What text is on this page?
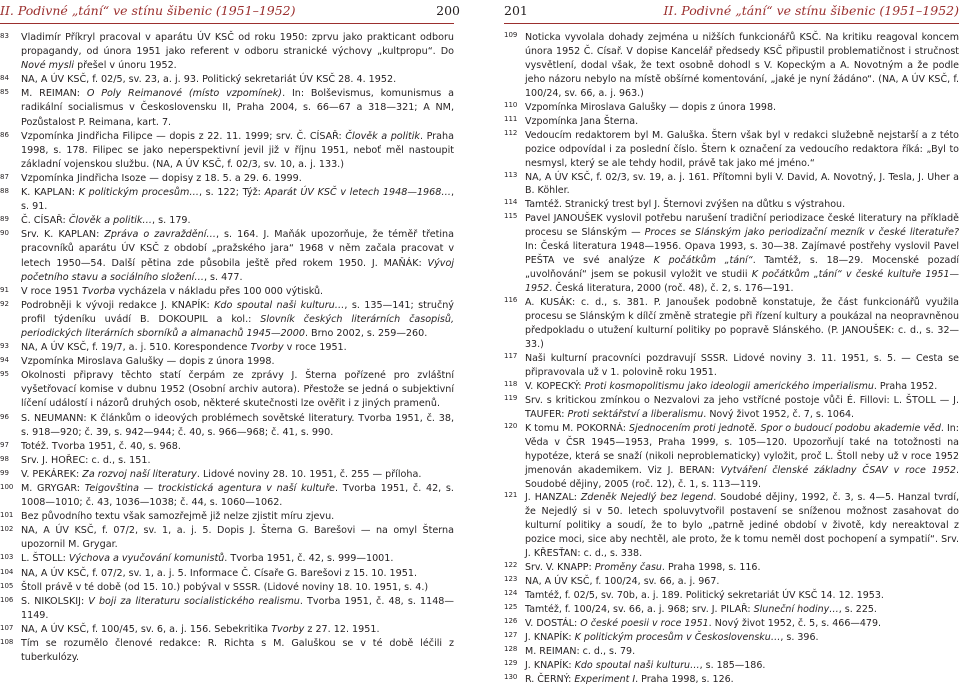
II. Podivné „tání“ ve stínu šibenic (1951–1952)	200

83 Vladimír Příkryl pracoval v aparátu ÚV KSČ od roku 1950: zprvu jako prakticant odboru propagandy, od února 1951 jako referent v odboru stranické výchovy „kultpropu“. Do Nové mysli přešel v únoru 1952.

84 NA, A ÚV KSČ, f. 02/5, sv. 23, a. j. 93. Politický sekretariát ÚV KSČ 28. 4. 1952.

85 M. REIMAN: O Poly Reimanové (místo vzpomínek). In: Bolševismus, komunismus a radikální socialismus v Československu II, Praha 2004, s. 66—67 a 318—321; A NM, Pozůstalost P. Reimana, kart. 7.

86 Vzpomínka Jindřicha Filipce — dopis z 22. 11. 1999; srv. Č. CÍSAŘ: Člověk a politik. Praha 1998, s. 178. Filipec se jako neperspektivní jevil již v říjnu 1951, neboť měl nastoupit základní vojenskou službu. (NA, A ÚV KSČ, f. 02/3, sv. 10, a. j. 133.)

87 Vzpomínka Jindřicha Isoze — dopisy z 18. 5. a 29. 6. 1999.

88 K. KAPLAN: K politickým procesům…, s. 122; Týž: Aparát ÚV KSČ v letech 1948—1968…, s. 91.

89 Č. CÍSAŘ: Člověk a politik…, s. 179.

90 Srv. K. KAPLAN: Zpráva o zavraždění…, s. 164. J. Maňák upozorňuje, že téměř třetina pracovníků aparátu ÚV KSČ z období „pražského jara“ 1968 v něm začala pracovat v letech 1950—54. Další pětina zde působila ještě před rokem 1950. J. MAŇÁK: Vývoj početního stavu a sociálního složení…, s. 477.

91 V roce 1951 Tvorba vycházela v nákladu přes 100 000 výtisků.

92 Podrobněji k vývoji redakce J. KNAPÍK: Kdo spoutal naši kulturu…, s. 135—141; stručný profil týdeníku uvádí B. DOKOUPIL a kol.: Slovník českých literárních časopisů, periodických literárních sborníků a almanachů 1945—2000. Brno 2002, s. 259—260.

93 NA, A ÚV KSČ, f. 19/7, a. j. 510. Korespondence Tvorby v roce 1951.

94 Vzpomínka Miroslava Galušky — dopis z února 1998.

95 Okolnosti připravy těchto statí čerpám ze zprávy J. Šterna pořízené pro zvláštní vyšetřovací komise v dubnu 1952 (Osobní archiv autora). Přestože se jedná o subjektivní líčení událostí i názorů druhých osob, některé skutečnosti lze ověřit i z jiných pramenů.

96 S. NEUMANN: K článkům o ideových problémech sovětské literatury. Tvorba 1951, č. 38, s. 918—920; č. 39, s. 942—944; č. 40, s. 966—968; č. 41, s. 990.

97 Totéž. Tvorba 1951, č. 40, s. 968.

98 Srv. J. HOŘEC: c. d., s. 151.

99 V. PEKÁREK: Za rozvoj naší literatury. Lidové noviny 28. 10. 1951, č. 255 — příloha.

100 M. GRYGAR: Teigovština — trockistická agentura v naší kultuře. Tvorba 1951, č. 42, s. 1008—1010; č. 43, 1036—1038; č. 44, s. 1060—1062.

101 Bez původního textu však samozřejmě již nelze zjistit míru zjevu.

102 NA, A ÚV KSČ, f. 07/2, sv. 1, a. j. 5. Dopis J. Šterna G. Barešovi — na omyl Šterna upozornil M. Grygar.

103 L. ŠTOLL: Výchova a vyučování komunistů. Tvorba 1951, č. 42, s. 999—1001.

104 NA, A ÚV KSČ, f. 07/2, sv. 1, a. j. 5. Informace Č. Císaře G. Barešovi z 15. 10. 1951.

105 Štoll právě v té době (od 15. 10.) pobýval v SSSR. (Lidové noviny 18. 10. 1951, s. 4.)

106 S. NIKOLSKIJ: V boji za literaturu socialistického realismu. Tvorba 1951, č. 48, s. 1148—1149.

107 NA, A ÚV KSČ, f. 100/45, sv. 6, a. j. 156. Sebekritika Tvorby z 27. 12. 1951.

108 Tím se rozumělo členové redakce: R. Richta s M. Galuškou se v té době léčili z tuberkulózy.

201	II. Podivné „tání“ ve stínu šibenic (1951–1952)

109 Noticka vyvolala dohady zejména u nižších funkcionářů KSČ. Na kritiku reagoval koncem února 1952 Č. Císař. V dopise Kancelář předsedy KSČ připustil problematičnost i stručnost vysvětlení, dodal však, že text osobně dohodl s V. Kopeckým a A. Novotným a že podle jeho názoru nebylo na místě obšírné komentování, „jaké je nyní žádáno“. (NA, A ÚV KSČ, f. 100/24, sv. 66, a. j. 963.)

110 Vzpomínka Miroslava Galušky — dopis z února 1998.

111 Vzpomínka Jana Šterna.

112 Vedoucím redaktorem byl M. Galuška. Štern však byl v redakci služebně nejstarší a z této pozice odpovídal i za poslední číslo. Štern k označení za vedoucího redaktora říká: „Byl to nesmysl, který se ale tehdy hodil, právě tak jako mé jméno.“

113 NA, A ÚV KSČ, f. 02/3, sv. 19, a. j. 161. Přítomni byli V. David, A. Novotný, J. Tesla, J. Uher a B. Köhler.

114 Tamtéž. Stranický trest byl J. Šternovi zvýšen na důtku s výstrahou.

115 Pavel JANOUŠEK vyslovil potřebu narušení tradiční periodizace české literatury na příkladě procesu se Slánským — Proces se Slánským jako periodizační mezník v české literatuře? In: Česká literatura 1948—1956. Opava 1993, s. 30—38. Zajímavé postřehy vyslovil Pavel PEŠTA ve své analýze K počátkům „tání“. Tamtéž, s. 18—29. Mocenské pozadí „uvolňování“ jsem se pokusil vyložit ve studii K počátkům „tání“ v české kultuře 1951—1952. Česká literatura, 2000 (roč. 48), č. 2, s. 176—191.

116 A. KUSÁK: c. d., s. 381. P. Janoušek podobně konstatuje, že část funkcionářů využila procesu se Slánským k dílčí změně strategie při řízení kultury a poukázal na neopravněnou předpokladu o utužení kulturní politiky po popravě Slánského. (P. JANOUŠEK: c. d., s. 32—33.)

117 Naši kulturní pracovníci pozdravují SSSR. Lidové noviny 3. 11. 1951, s. 5. — Cesta se připravovala už v 1. polovině roku 1951.

118 V. KOPECKÝ: Proti kosmopolitismu jako ideologii amerického imperialismu. Praha 1952.

119 Srv. s kritickou zmínkou o Nezvalovi za jeho vstřícné postoje vůči É. Fillovi: L. ŠTOLL — J. TAUFER: Proti sektářství a liberalismu. Nový život 1952, č. 7, s. 1064.

120 K tomu M. POKORNÁ: Sjednocením proti jednotě. Spor o budoucí podobu akademie věd. In: Věda v ČSR 1945—1953, Praha 1999, s. 105—120. Upozorňují také na totožnosti na hypotéze, která se snaží (nikoli neproblematicky) vyložit, proč L. Štoll neby už v roce 1952 jmenován akademikem. Viz J. BERAN: Vytváření členské základny ČSAV v roce 1952. Soudobé dějiny, 2005 (roč. 12), č. 1, s. 113—119.

121 J. HANZAL: Zdeněk Nejedlý bez legend. Soudobé dějiny, 1992, č. 3, s. 4—5. Hanzal tvrdí, že Nejedlý si v 50. letech spoluvytvořil postavení se sníženou možnost zasahovat do kulturní politiky a soudí, že to bylo „patrně jediné období v životě, kdy nereaktoval z pozice moci, sice aby nechtěl, ale proto, že k tomu neměl dost pochopení a sympatií“. Srv. J. KŘESŤAN: c. d., s. 338.

122 Srv. V. KNAPP: Proměny času. Praha 1998, s. 116.

123 NA, A ÚV KSČ, f. 100/24, sv. 66, a. j. 967.

124 Tamtéž, f. 02/5, sv. 70b, a. j. 189. Politický sekretariát ÚV KSČ 14. 12. 1953.

125 Tamtéž, f. 100/24, sv. 66, a. j. 968; srv. J. PILAŘ: Sluneční hodiny…, s. 225.

126 V. DOSTÁL: O české poesii v roce 1951. Nový život 1952, č. 5, s. 466—479.

127 J. KNAPÍK: K politickým procesům v Československu…, s. 396.

128 M. REIMAN: c. d., s. 79.

129 J. KNAPÍK: Kdo spoutal naši kulturu…, s. 185—186.

130 R. ČERNÝ: Experiment I. Praha 1998, s. 126.
